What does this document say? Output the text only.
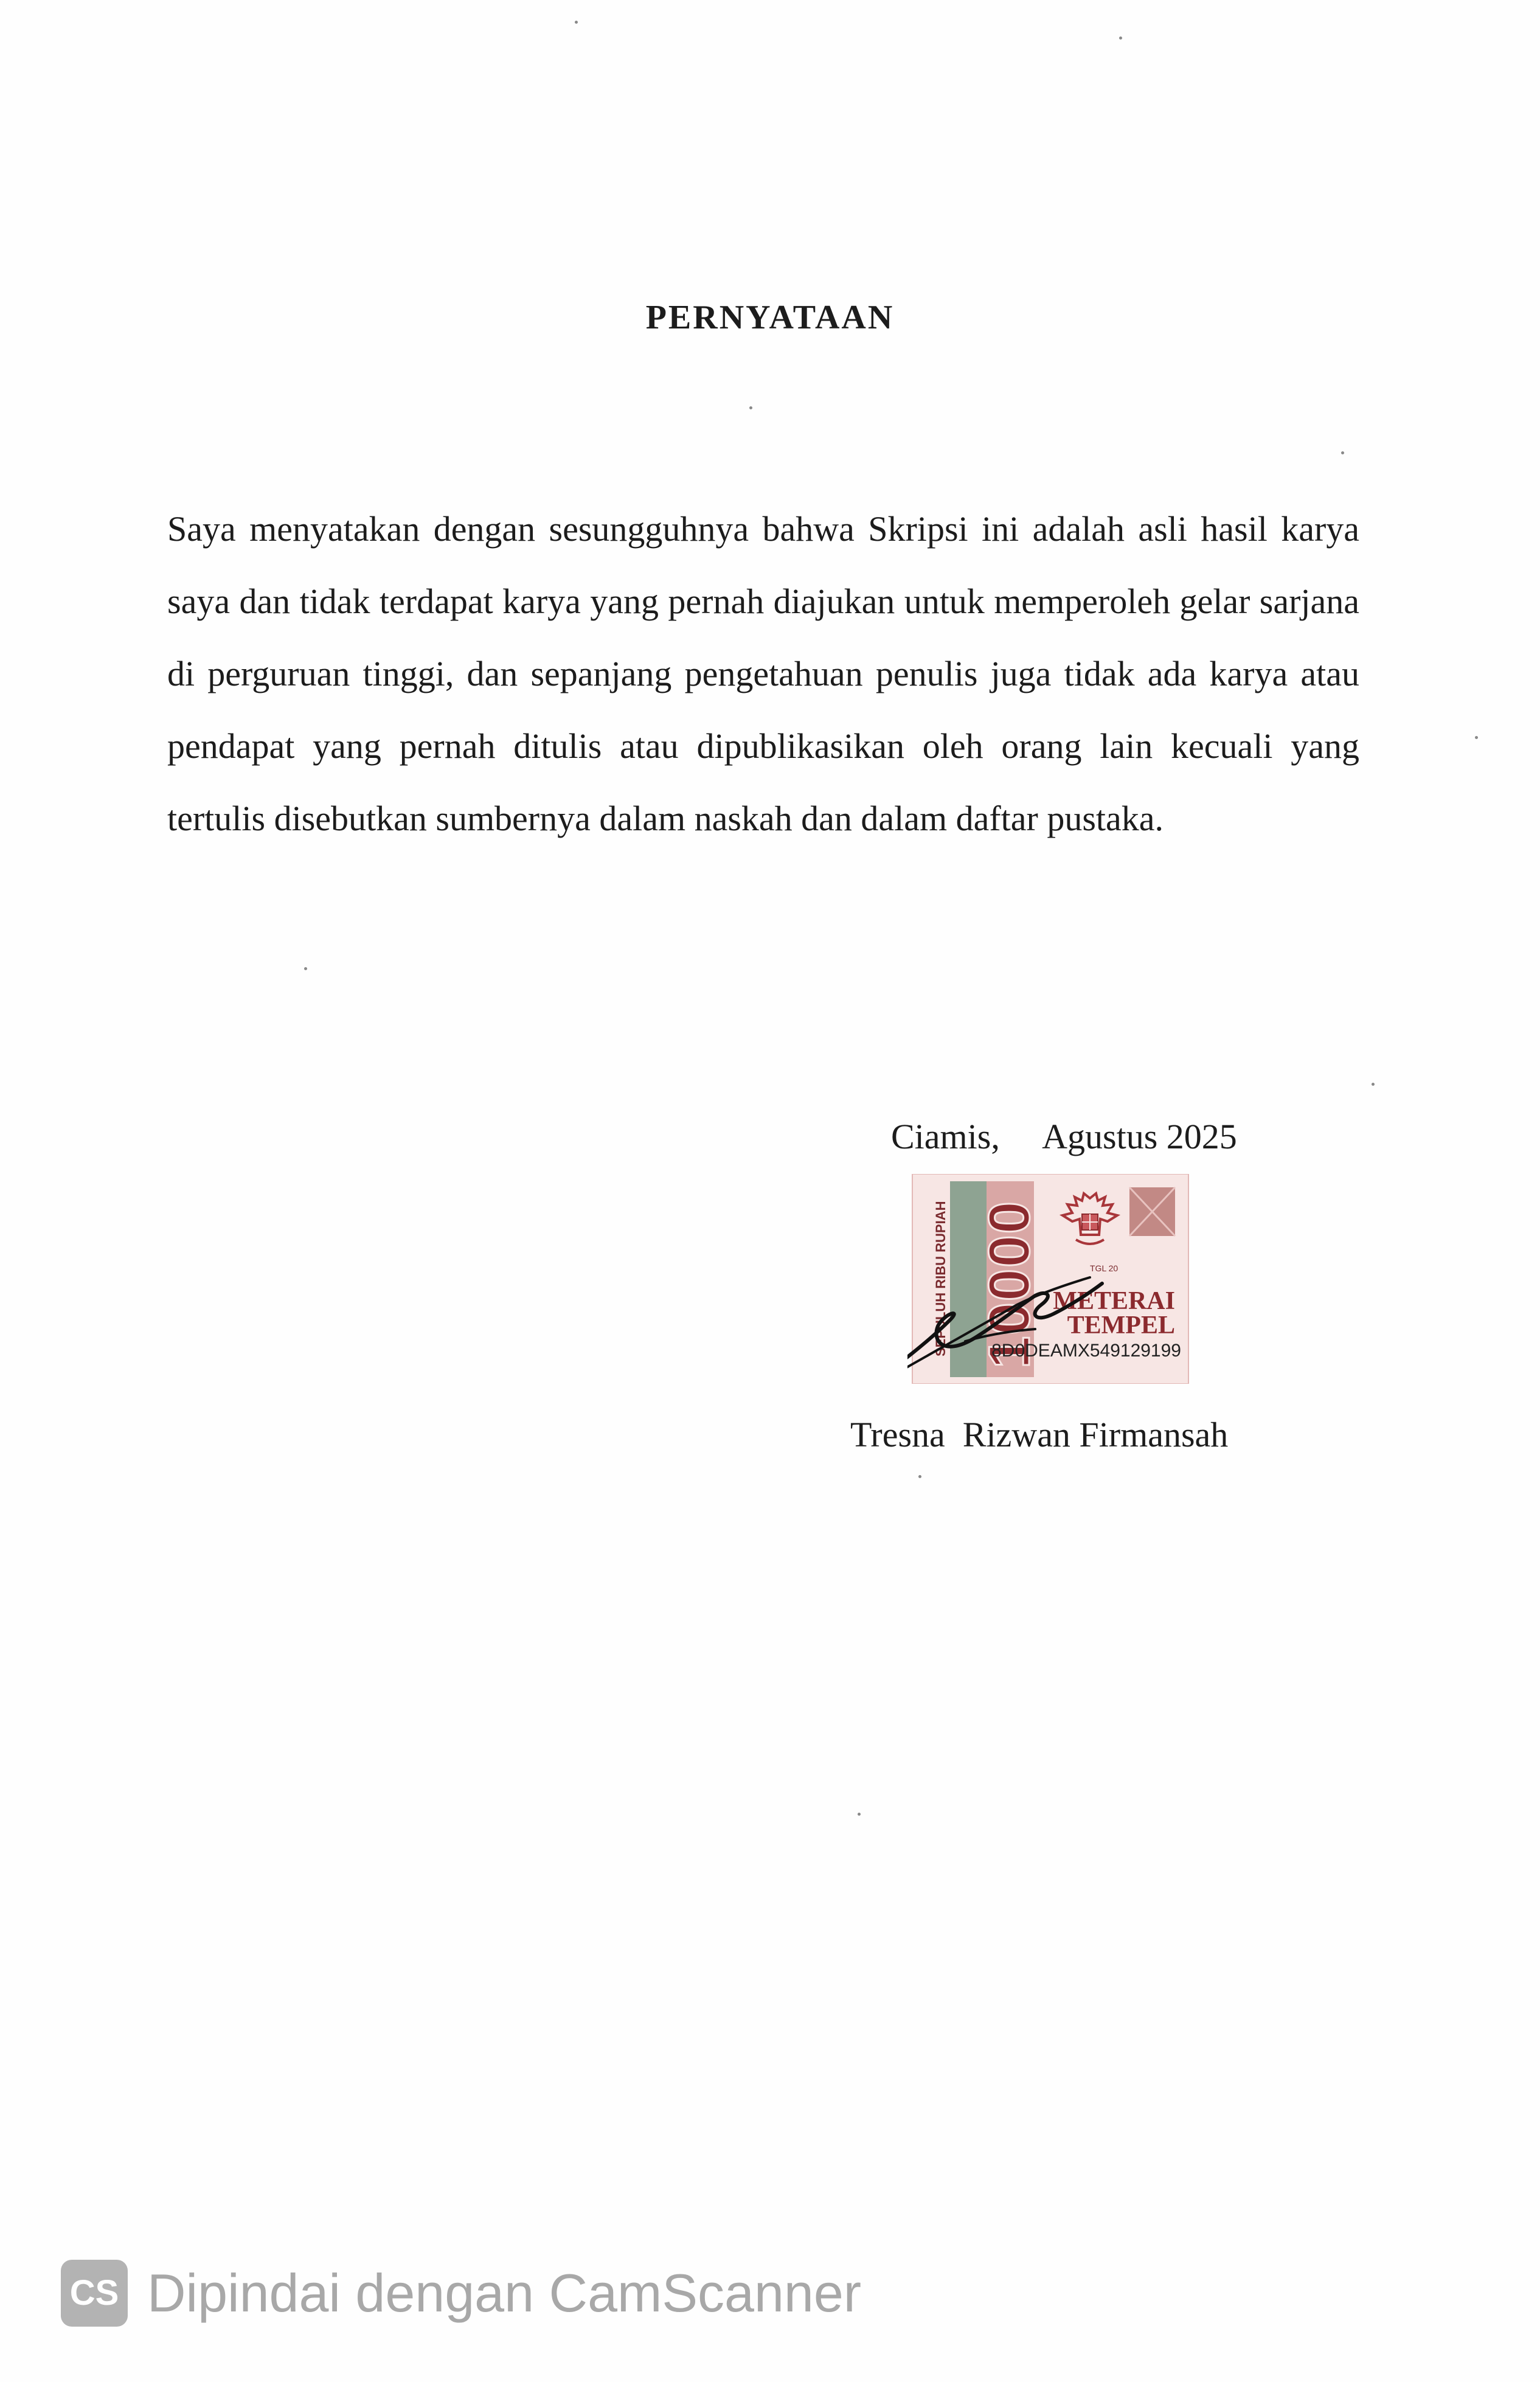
PERNYATAAN
Saya menyatakan dengan sesungguhnya bahwa Skripsi ini adalah asli hasil karya saya dan tidak terdapat karya yang pernah diajukan untuk memperoleh gelar sarjana di perguruan tinggi, dan sepanjang pengetahuan penulis juga tidak ada karya atau pendapat yang pernah ditulis atau dipublikasikan oleh orang lain kecuali yang tertulis disebutkan sumbernya dalam naskah dan dalam daftar pustaka.
Ciamis,     Agustus 2025
SEPULUH RIBU RUPIAH 10000	TGL 20
METERAI
TEMPEL
8D0DEAMX549129199
Tresna  Rizwan Firmansah
CS Dipindai dengan CamScanner
